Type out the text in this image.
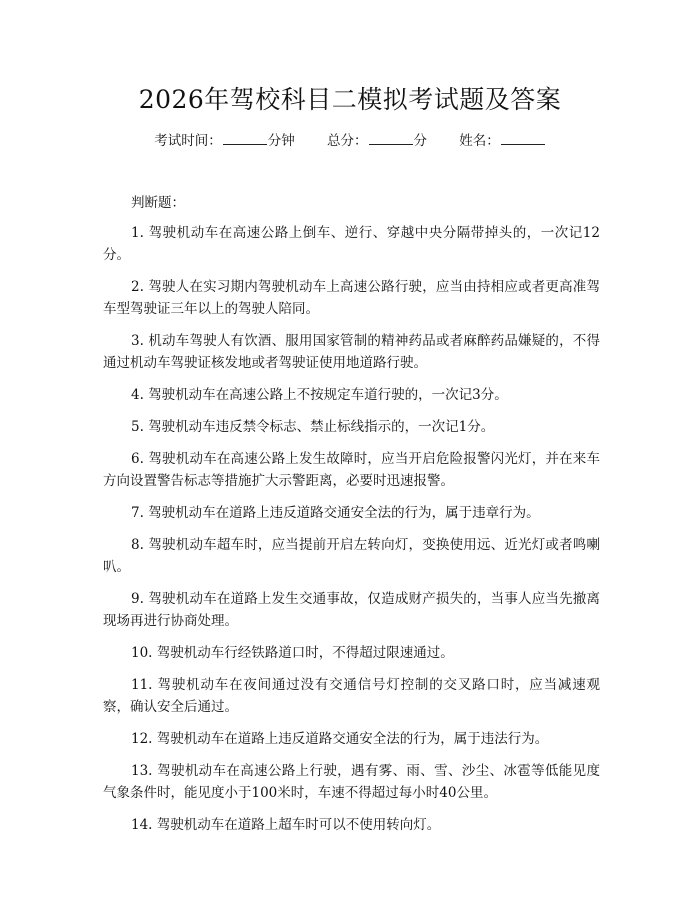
2026年驾校科目二模拟考试题及答案
考试时间：	分钟 总分：	分 姓名：
判断题：

1. 驾驶机动车在高速公路上倒车、逆行、穿越中央分隔带掉头的，一次记12分。

2. 驾驶人在实习期内驾驶机动车上高速公路行驶，应当由持相应或者更高准驾车型驾驶证三年以上的驾驶人陪同。

3. 机动车驾驶人有饮酒、服用国家管制的精神药品或者麻醉药品嫌疑的，不得通过机动车驾驶证核发地或者驾驶证使用地道路行驶。

4. 驾驶机动车在高速公路上不按规定车道行驶的，一次记3分。

5. 驾驶机动车违反禁令标志、禁止标线指示的，一次记1分。

6. 驾驶机动车在高速公路上发生故障时，应当开启危险报警闪光灯，并在来车方向设置警告标志等措施扩大示警距离，必要时迅速报警。

7. 驾驶机动车在道路上违反道路交通安全法的行为，属于违章行为。

8. 驾驶机动车超车时，应当提前开启左转向灯，变换使用远、近光灯或者鸣喇叭。

9. 驾驶机动车在道路上发生交通事故，仅造成财产损失的，当事人应当先撤离现场再进行协商处理。

10. 驾驶机动车行经铁路道口时，不得超过限速通过。

11. 驾驶机动车在夜间通过没有交通信号灯控制的交叉路口时，应当减速观察，确认安全后通过。

12. 驾驶机动车在道路上违反道路交通安全法的行为，属于违法行为。

13. 驾驶机动车在高速公路上行驶，遇有雾、雨、雪、沙尘、冰雹等低能见度气象条件时，能见度小于100米时，车速不得超过每小时40公里。

14. 驾驶机动车在道路上超车时可以不使用转向灯。
